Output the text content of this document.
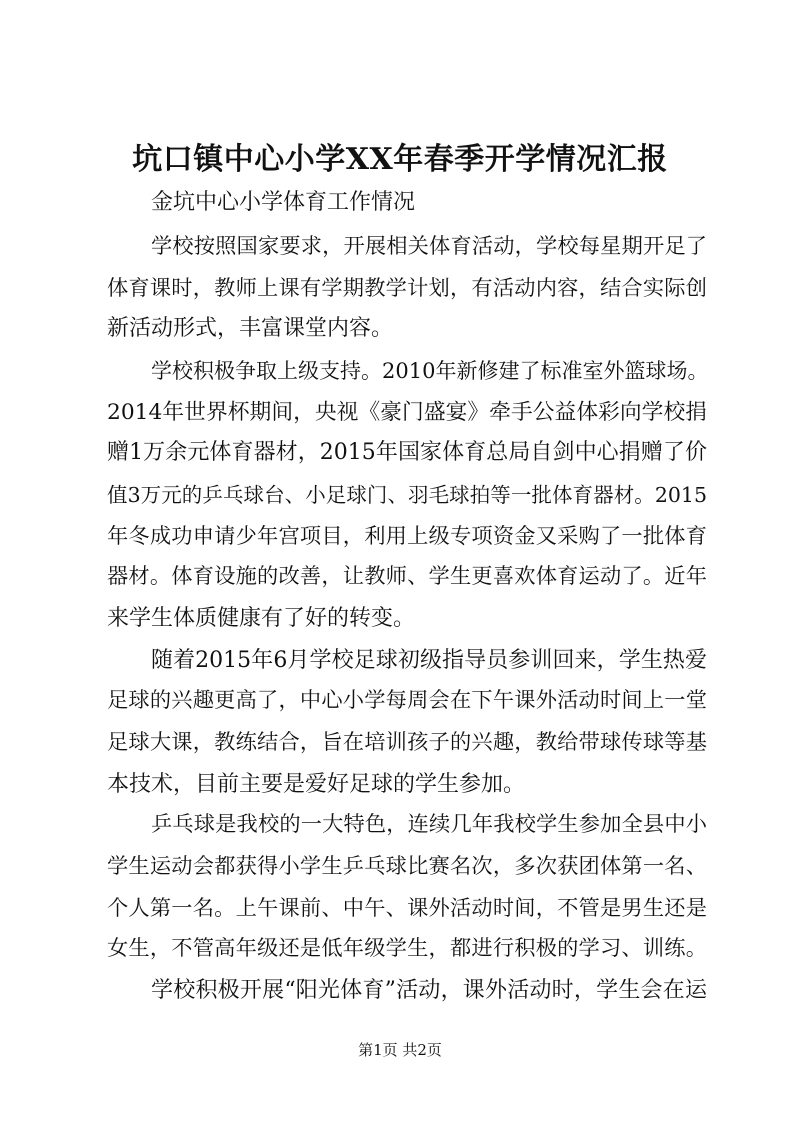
坑口镇中心小学XX年春季开学情况汇报
金坑中心小学体育工作情况
学校按照国家要求，开展相关体育活动，学校每星期开足了
体育课时，教师上课有学期教学计划，有活动内容，结合实际创
新活动形式，丰富课堂内容。
学校积极争取上级支持。2010年新修建了标准室外篮球场。
2014年世界杯期间，央视《豪门盛宴》牵手公益体彩向学校捐
赠1万余元体育器材，2015年国家体育总局自剑中心捐赠了价
值3万元的乒乓球台、小足球门、羽毛球拍等一批体育器材。2015
年冬成功申请少年宫项目，利用上级专项资金又采购了一批体育
器材。体育设施的改善，让教师、学生更喜欢体育运动了。近年
来学生体质健康有了好的转变。
随着2015年6月学校足球初级指导员参训回来，学生热爱
足球的兴趣更高了，中心小学每周会在下午课外活动时间上一堂
足球大课，教练结合，旨在培训孩子的兴趣，教给带球传球等基
本技术，目前主要是爱好足球的学生参加。
乒乓球是我校的一大特色，连续几年我校学生参加全县中小
学生运动会都获得小学生乒乓球比赛名次，多次获团体第一名、
个人第一名。上午课前、中午、课外活动时间，不管是男生还是
女生，不管高年级还是低年级学生，都进行积极的学习、训练。
学校积极开展“阳光体育”活动，课外活动时，学生会在运
第1页 共2页
